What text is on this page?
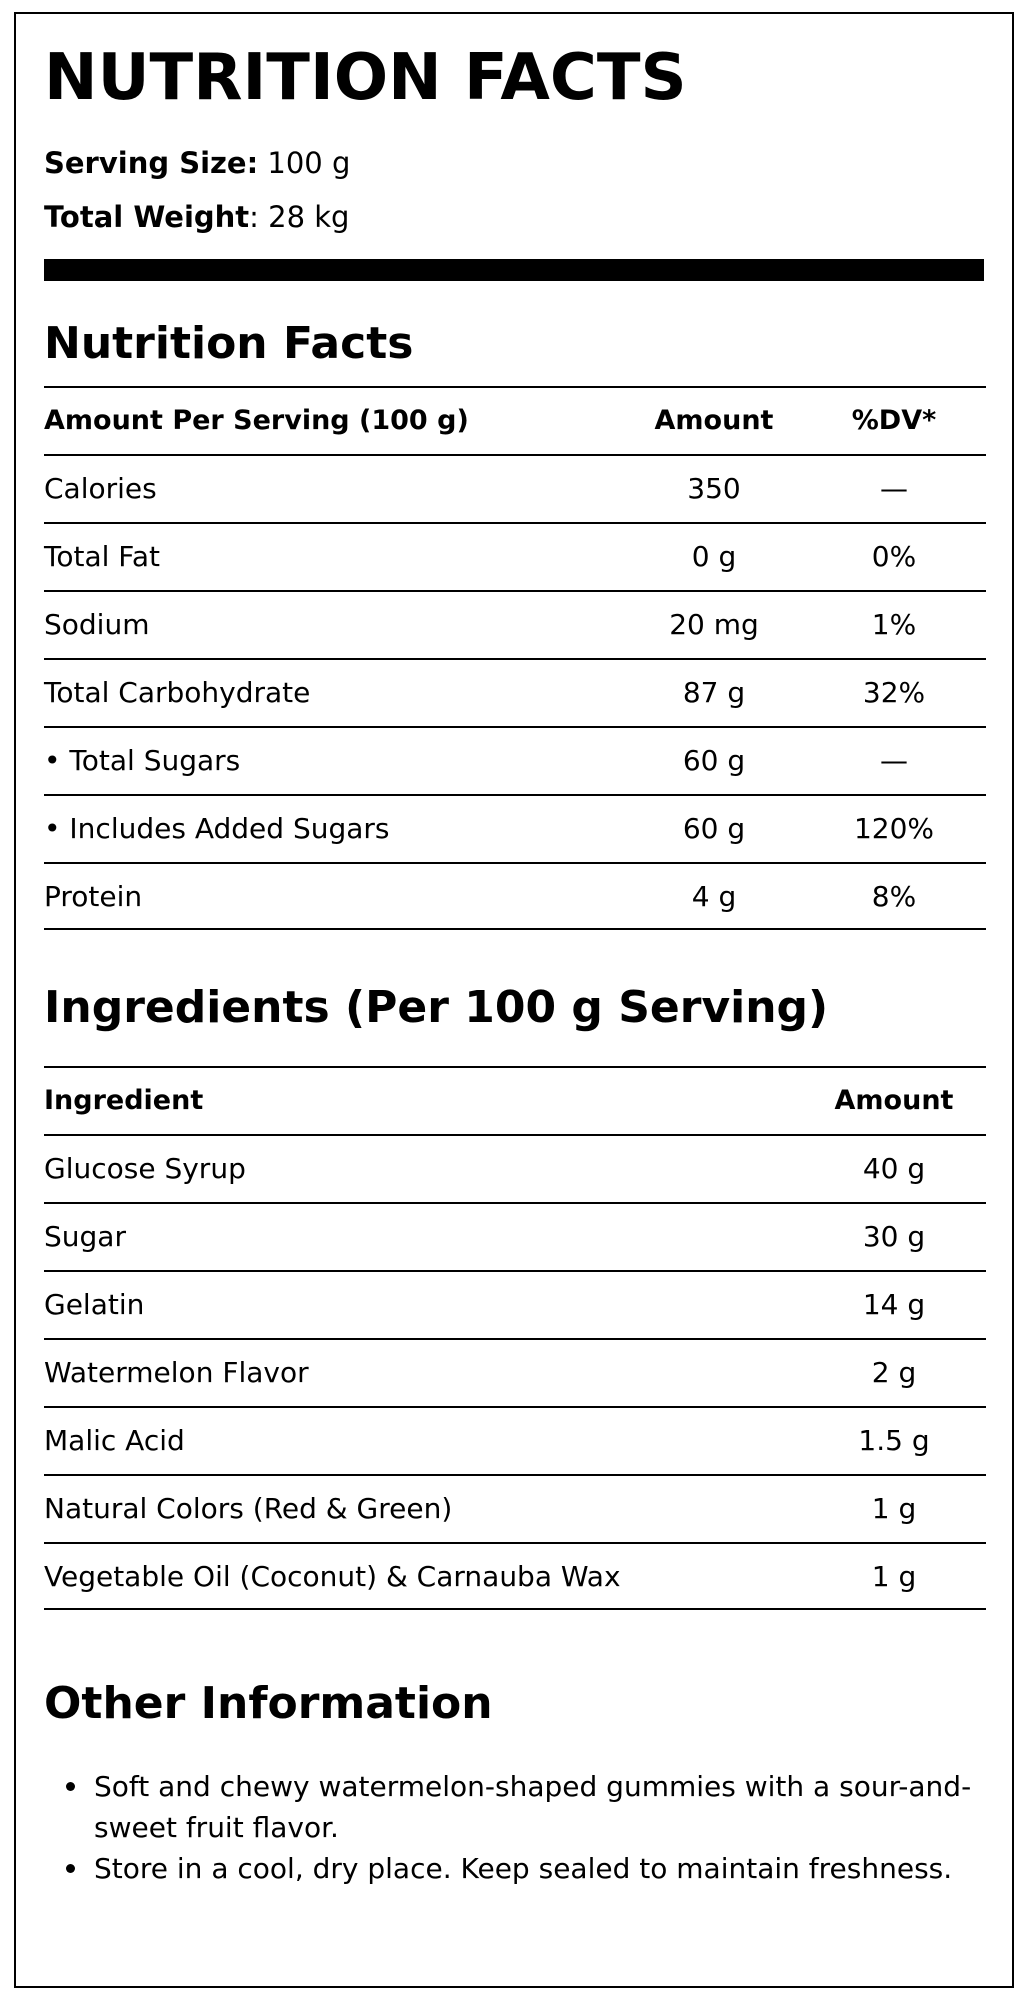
NUTRITION FACTS
Serving Size: 100 g
Total Weight: 28 kg
Nutrition Facts
Amount Per Serving (100 g)	Amount	%DV*
Calories	350	—
Total Fat	0 g	0%
Sodium	20 mg	1%
Total Carbohydrate	87 g	32%
• Total Sugars	60 g	—
• Includes Added Sugars	60 g	120%
Protein	4 g	8%
Ingredients (Per 100 g Serving)
Ingredient	Amount
Glucose Syrup	40 g
Sugar	30 g
Gelatin	14 g
Watermelon Flavor	2 g
Malic Acid	1.5 g
Natural Colors (Red & Green)	1 g
Vegetable Oil (Coconut) & Carnauba Wax	1 g
Other Information
Soft and chewy watermelon-shaped gummies with a sour-and-sweet fruit flavor.
Store in a cool, dry place. Keep sealed to maintain freshness.
